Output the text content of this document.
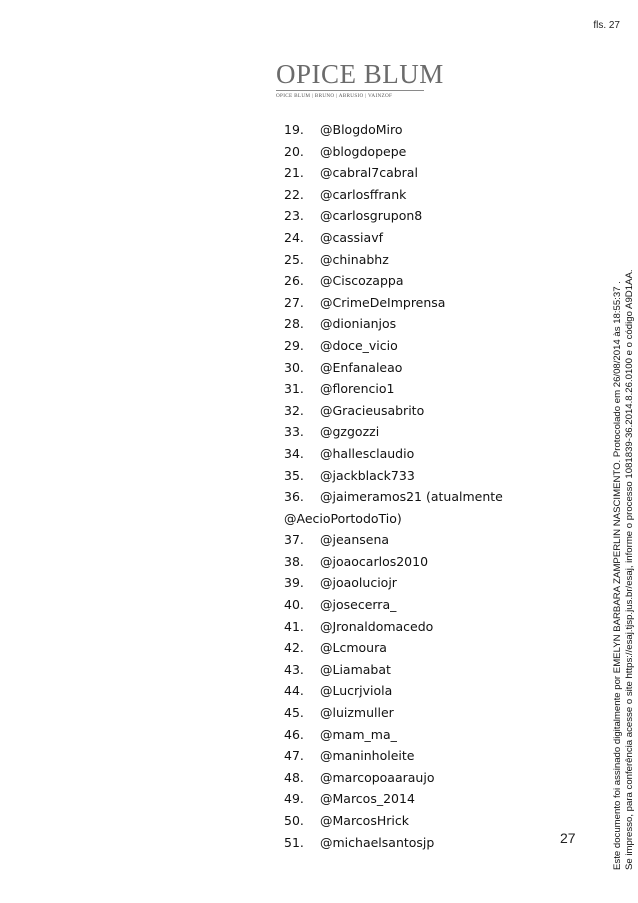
fls. 27
OPICE BLUM
OPICE BLUM | BRUNO | ABRUSIO | VAINZOF
19. @BlogdoMiro
20. @blogdopepe
21. @cabral7cabral
22. @carlosffrank
23. @carlosgrupon8
24. @cassiavf
25. @chinabhz
26. @Ciscozappa
27. @CrimeDeImprensa
28. @dionianjos
29. @doce_vicio
30. @Enfanaleao
31. @florencio1
32. @Gracieusabrito
33. @gzgozzi
34. @hallesclaudio
35. @jackblack733
36. @jaimeramos21 (atualmente
@AecioPortodoTio)
37. @jeansena
38. @joaocarlos2010
39. @joaoluciojr
40. @josecerra_
41. @Jronaldomacedo
42. @Lcmoura
43. @Liamabat
44. @Lucrjviola
45. @luizmuller
46. @mam_ma_
47. @maninholeite
48. @marcopoaaraujo
49. @Marcos_2014
50. @MarcosHrick
51. @michaelsantosjp	27	Este documento foi assinado digitalmente por EMELYN BARBARA ZAMPERLIN NASCIMENTO. Protocolado em 26/08/2014 às 18:55:37 . Se impresso, para conferência acesse o site https://esaj.tjsp.jus.br/esaj, informe o processo 1081839-36.2014.8.26.0100 e o código A9D1AA.
